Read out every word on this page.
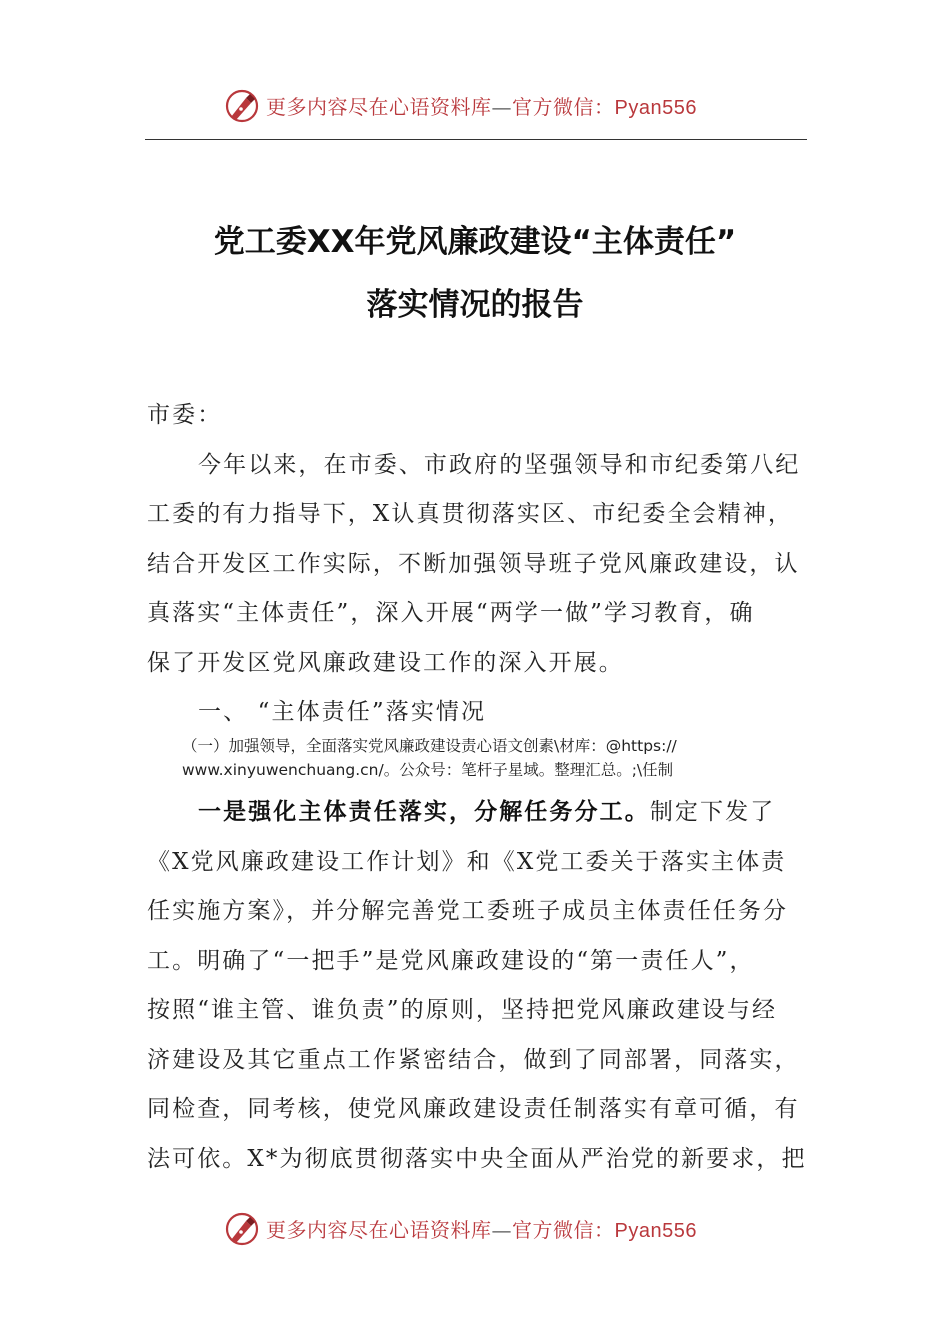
更多内容尽在心语资料库—官方微信：Pyan556
党工委XX年党风廉政建设“主体责任”
落实情况的报告
市委：
今年以来，在市委、市政府的坚强领导和市纪委第八纪
工委的有力指导下，X认真贯彻落实区、市纪委全会精神，
结合开发区工作实际，不断加强领导班子党风廉政建设，认
真落实“主体责任”，深入开展“两学一做”学习教育，确
保了开发区党风廉政建设工作的深入开展。
一、 “主体责任”落实情况
（一）加强领导，全面落实党风廉政建设责心语文创素\材库：@https://
www.xinyuwenchuang.cn/。公众号：笔杆子星域。整理汇总。;\任制
一是强化主体责任落实，分解任务分工。制定下发了
《X党风廉政建设工作计划》和《X党工委关于落实主体责
任实施方案》，并分解完善党工委班子成员主体责任任务分
工。明确了“一把手”是党风廉政建设的“第一责任人”，
按照“谁主管、谁负责”的原则，坚持把党风廉政建设与经
济建设及其它重点工作紧密结合，做到了同部署，同落实，
同检查，同考核，使党风廉政建设责任制落实有章可循，有
法可依。X*为彻底贯彻落实中央全面从严治党的新要求，把
更多内容尽在心语资料库—官方微信：Pyan556
